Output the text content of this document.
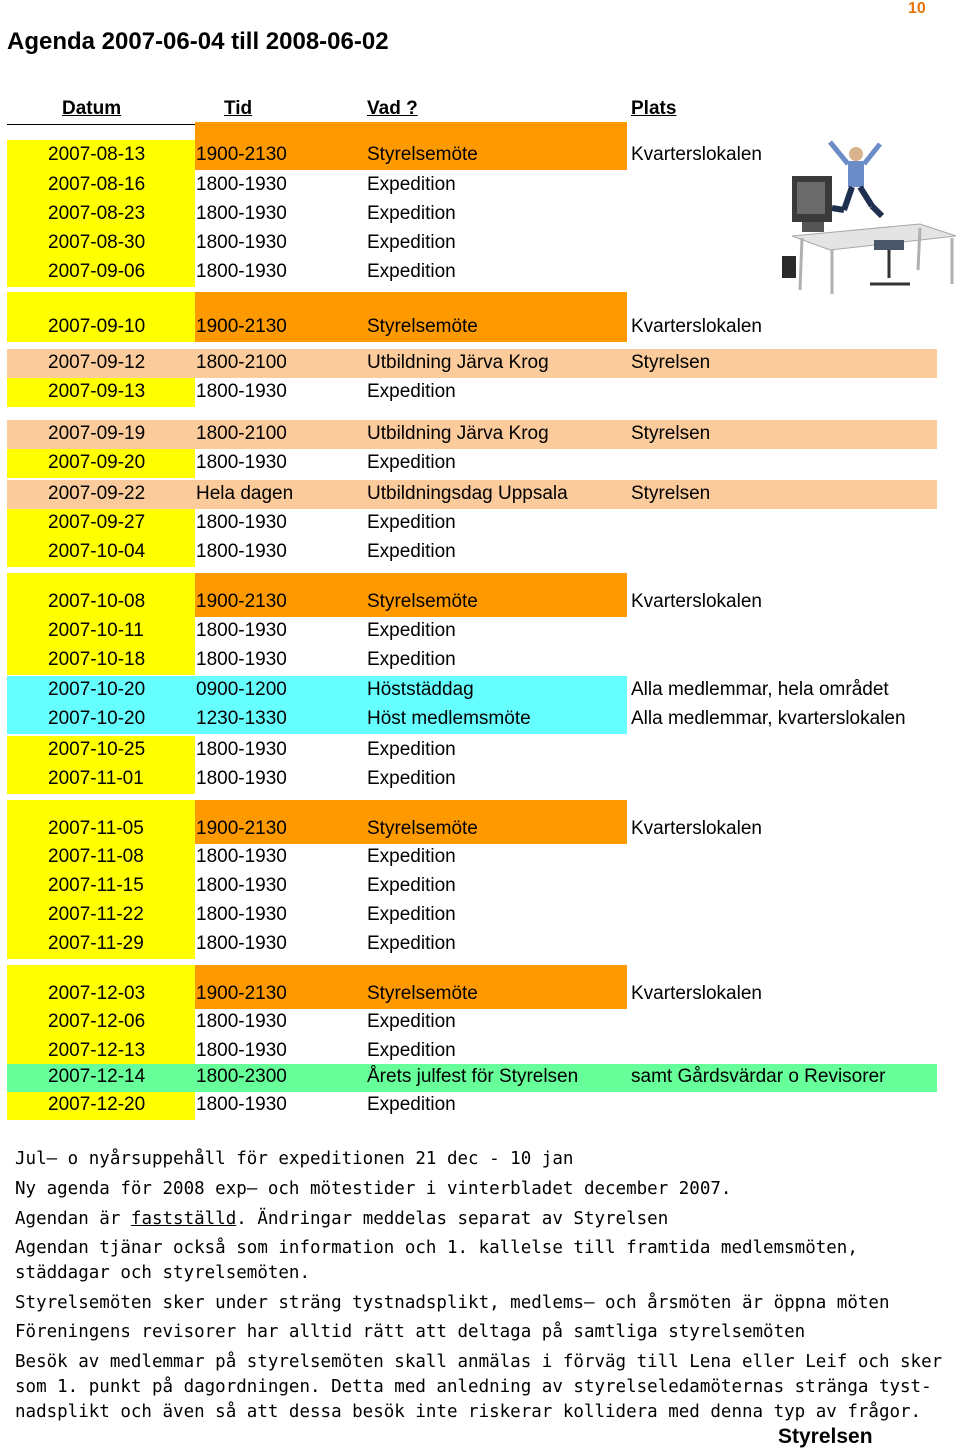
10
Agenda 2007-06-04 till 2008-06-02
Datum	Tid	Vad ?	Plats
2007-08-13	1900-2130	Styrelsemöte	Kvarterslokalen
2007-08-16	1800-1930	Expedition
2007-08-23	1800-1930	Expedition
2007-08-30	1800-1930	Expedition
2007-09-06	1800-1930	Expedition
2007-09-10	1900-2130	Styrelsemöte	Kvarterslokalen
2007-09-12	1800-2100	Utbildning Järva Krog	Styrelsen
2007-09-13	1800-1930	Expedition
2007-09-19	1800-2100	Utbildning Järva Krog	Styrelsen
2007-09-20	1800-1930	Expedition
2007-09-22	Hela dagen	Utbildningsdag Uppsala	Styrelsen
2007-09-27	1800-1930	Expedition
2007-10-04	1800-1930	Expedition
2007-10-08	1900-2130	Styrelsemöte	Kvarterslokalen
2007-10-11	1800-1930	Expedition
2007-10-18	1800-1930	Expedition
2007-10-20	0900-1200	Höststäddag	Alla medlemmar, hela området
2007-10-20	1230-1330	Höst medlemsmöte	Alla medlemmar, kvarterslokalen
2007-10-25	1800-1930	Expedition
2007-11-01	1800-1930	Expedition
2007-11-05	1900-2130	Styrelsemöte	Kvarterslokalen
2007-11-08	1800-1930	Expedition
2007-11-15	1800-1930	Expedition
2007-11-22	1800-1930	Expedition
2007-11-29	1800-1930	Expedition
2007-12-03	1900-2130	Styrelsemöte	Kvarterslokalen
2007-12-06	1800-1930	Expedition
2007-12-13	1800-1930	Expedition
2007-12-14	1800-2300	Årets julfest för Styrelsen	samt Gårdsvärdar o Revisorer
2007-12-20	1800-1930	Expedition
Jul— o nyårsuppehåll för expeditionen 21 dec - 10 jan
Ny agenda för 2008 exp— och mötestider i vinterbladet december 2007.
Agendan är fastställd. Ändringar meddelas separat av Styrelsen
Agendan tjänar också som information och 1. kallelse till framtida medlemsmöten,
städdagar och styrelsemöten.
Styrelsemöten sker under sträng tystnadsplikt, medlems— och årsmöten är öppna möten
Föreningens revisorer har alltid rätt att deltaga på samtliga styrelsemöten
Besök av medlemmar på styrelsemöten skall anmälas i förväg till Lena eller Leif och sker
som 1. punkt på dagordningen. Detta med anledning av styrelseledamöternas stränga tyst-
nadsplikt och även så att dessa besök inte riskerar kollidera med denna typ av frågor.
Styrelsen
